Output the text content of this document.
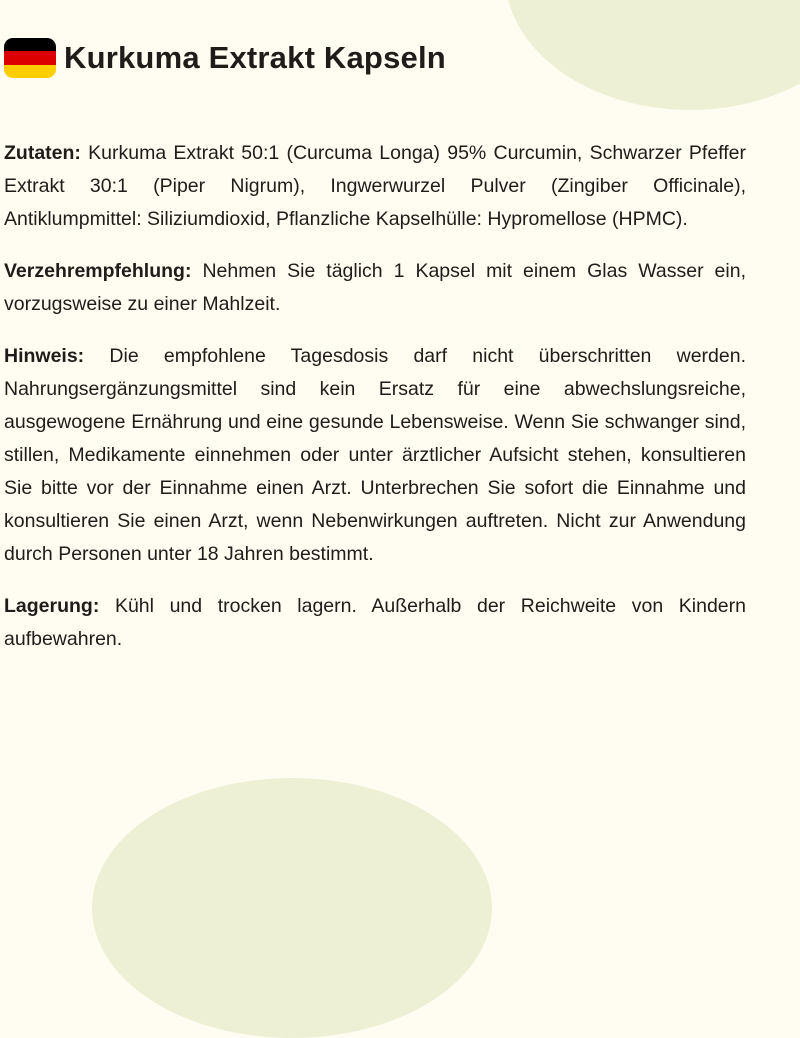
Kurkuma Extrakt Kapseln

Zutaten: Kurkuma Extrakt 50:1 (Curcuma Longa) 95% Curcumin, Schwarzer Pfeffer Extrakt 30:1 (Piper Nigrum), Ingwerwurzel Pulver (Zingiber Officinale), Antiklumpmittel: Siliziumdioxid, Pflanzliche Kapselhülle: Hypromellose (HPMC).

Verzehrempfehlung: Nehmen Sie täglich 1 Kapsel mit einem Glas Wasser ein, vorzugsweise zu einer Mahlzeit.

Hinweis: Die empfohlene Tagesdosis darf nicht überschritten werden. Nahrungsergänzungsmittel sind kein Ersatz für eine abwechslungsreiche, ausgewogene Ernährung und eine gesunde Lebensweise. Wenn Sie schwanger sind, stillen, Medikamente einnehmen oder unter ärztlicher Aufsicht stehen, konsultieren Sie bitte vor der Einnahme einen Arzt. Unterbrechen Sie sofort die Einnahme und konsultieren Sie einen Arzt, wenn Nebenwirkungen auftreten. Nicht zur Anwendung durch Personen unter 18 Jahren bestimmt.

Lagerung: Kühl und trocken lagern. Außerhalb der Reichweite von Kindern aufbewahren.
